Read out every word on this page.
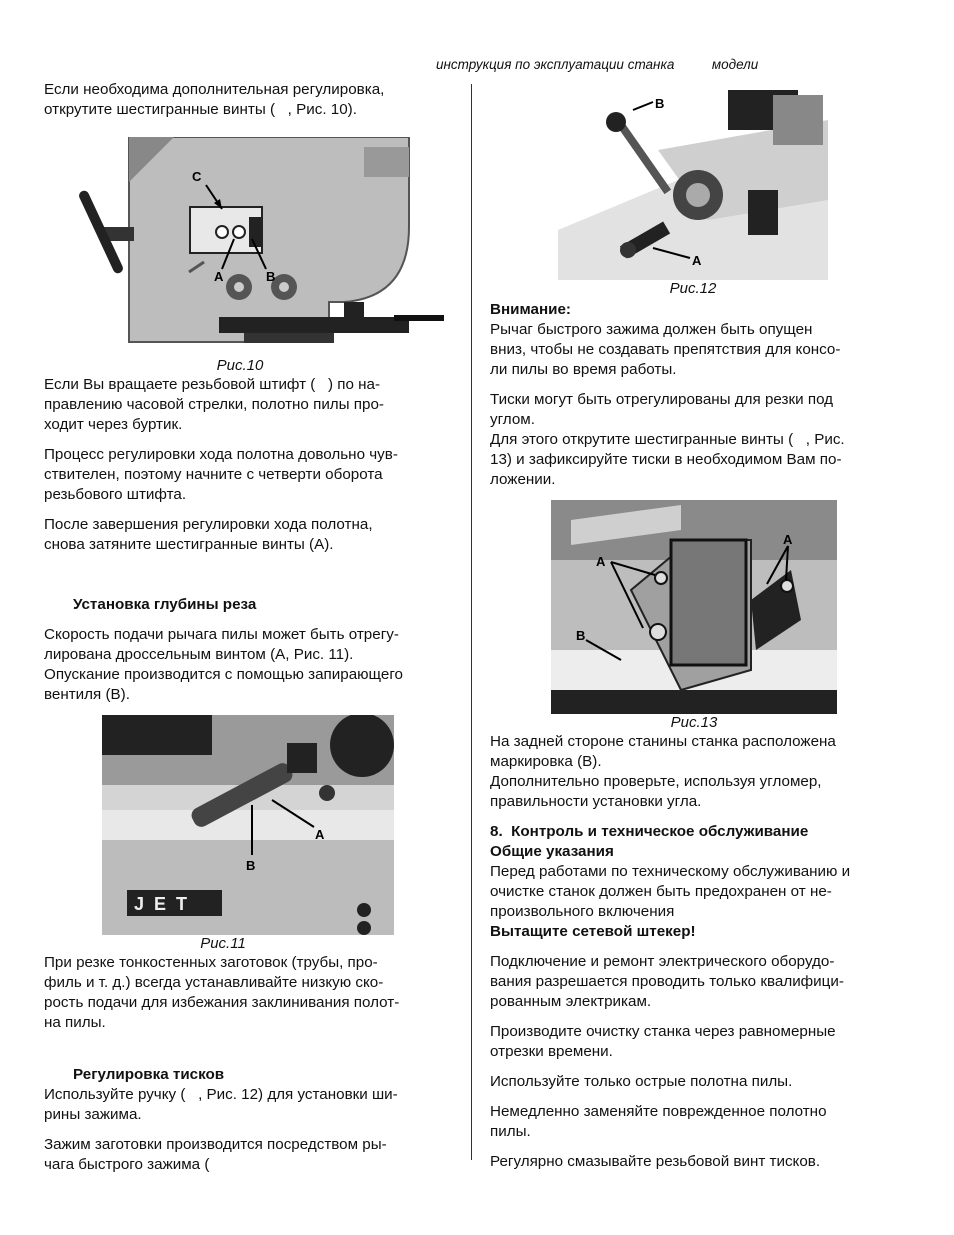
инструкция по эксплуатации станка          модели

Если необходима дополнительная регулировка,
открутите шестигранные винты (   , Рис. 10).

C
A	B
Рис.10

Если Вы вращаете резьбовой штифт (   ) по на-
правлению часовой стрелки, полотно пилы про-
ходит через буртик.

Процесс регулировки хода полотна довольно чув-
ствителен, поэтому начните с четверти оборота
резьбового штифта.

После завершения регулировки хода полотна,
снова затяните шестигранные винты (A).

Установка глубины реза

Скорость подачи рычага пилы может быть отрегу-
лирована дроссельным винтом (A, Рис. 11).
Опускание производится с помощью запирающего
вентиля (B).

JET
B
A
Рис.11

При резке тонкостенных заготовок (трубы, про-
филь и т. д.) всегда устанавливайте низкую ско-
рость подачи для избежания заклинивания полот-
на пилы.

Регулировка тисков

Используйте ручку (   , Рис. 12) для установки ши-
рины зажима.

Зажим заготовки производится посредством ры-
чага быстрого зажима (

B
A
Рис.12

Внимание:

Рычаг быстрого зажима должен быть опущен
вниз, чтобы не создавать препятствия для консо-
ли пилы во время работы.

Тиски могут быть отрегулированы для резки под
углом.
Для этого открутите шестигранные винты (   , Рис.
13) и зафиксируйте тиски в необходимом Вам по-
ложении.

A
A
B
Рис.13

На задней стороне станины станка расположена
маркировка (B).
Дополнительно проверьте, используя угломер,
правильности установки угла.

8.  Контроль и техническое обслуживание

Общие указания

Перед работами по техническому обслуживанию и
очистке станок должен быть предохранен от не-
произвольного включения

Вытащите сетевой штекер!

Подключение и ремонт электрического оборудо-
вания разрешается проводить только квалифици-
рованным электрикам.

Производите очистку станка через равномерные
отрезки времени.

Используйте только острые полотна пилы.

Немедленно заменяйте поврежденное полотно
пилы.

Регулярно смазывайте резьбовой винт тисков.
